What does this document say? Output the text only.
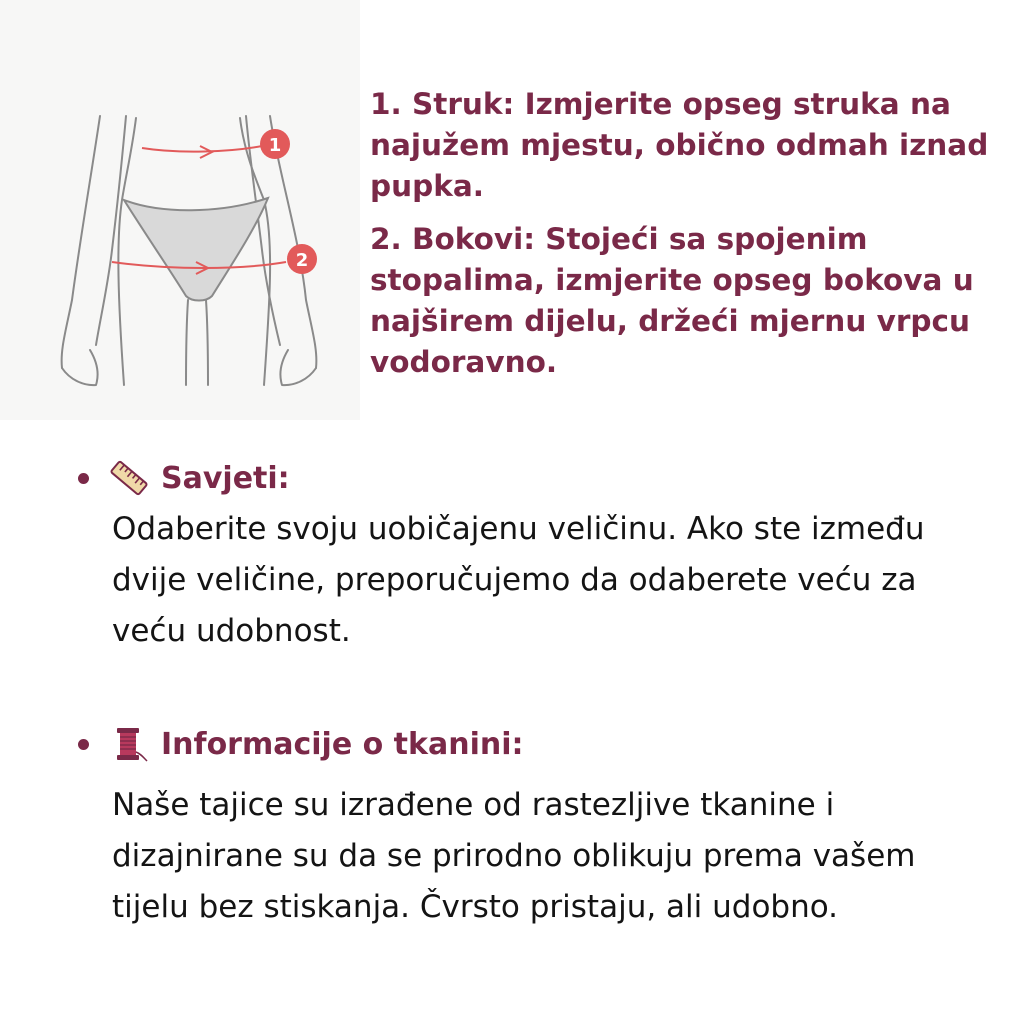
1
2

1. Struk: Izmjerite opseg struka na najužem mjestu, obično odmah iznad pupka.

2. Bokovi: Stojeći sa spojenim stopalima, izmjerite opseg bokova u najširem dijelu, držeći mjernu vrpcu vodoravno.

Savjeti:

Odaberite svoju uobičajenu veličinu. Ako ste između dvije veličine, preporučujemo da odaberete veću za veću udobnost.

Informacije o tkanini:

Naše tajice su izrađene od rastezljive tkanine i dizajnirane su da se prirodno oblikuju prema vašem tijelu bez stiskanja. Čvrsto pristaju, ali udobno.
